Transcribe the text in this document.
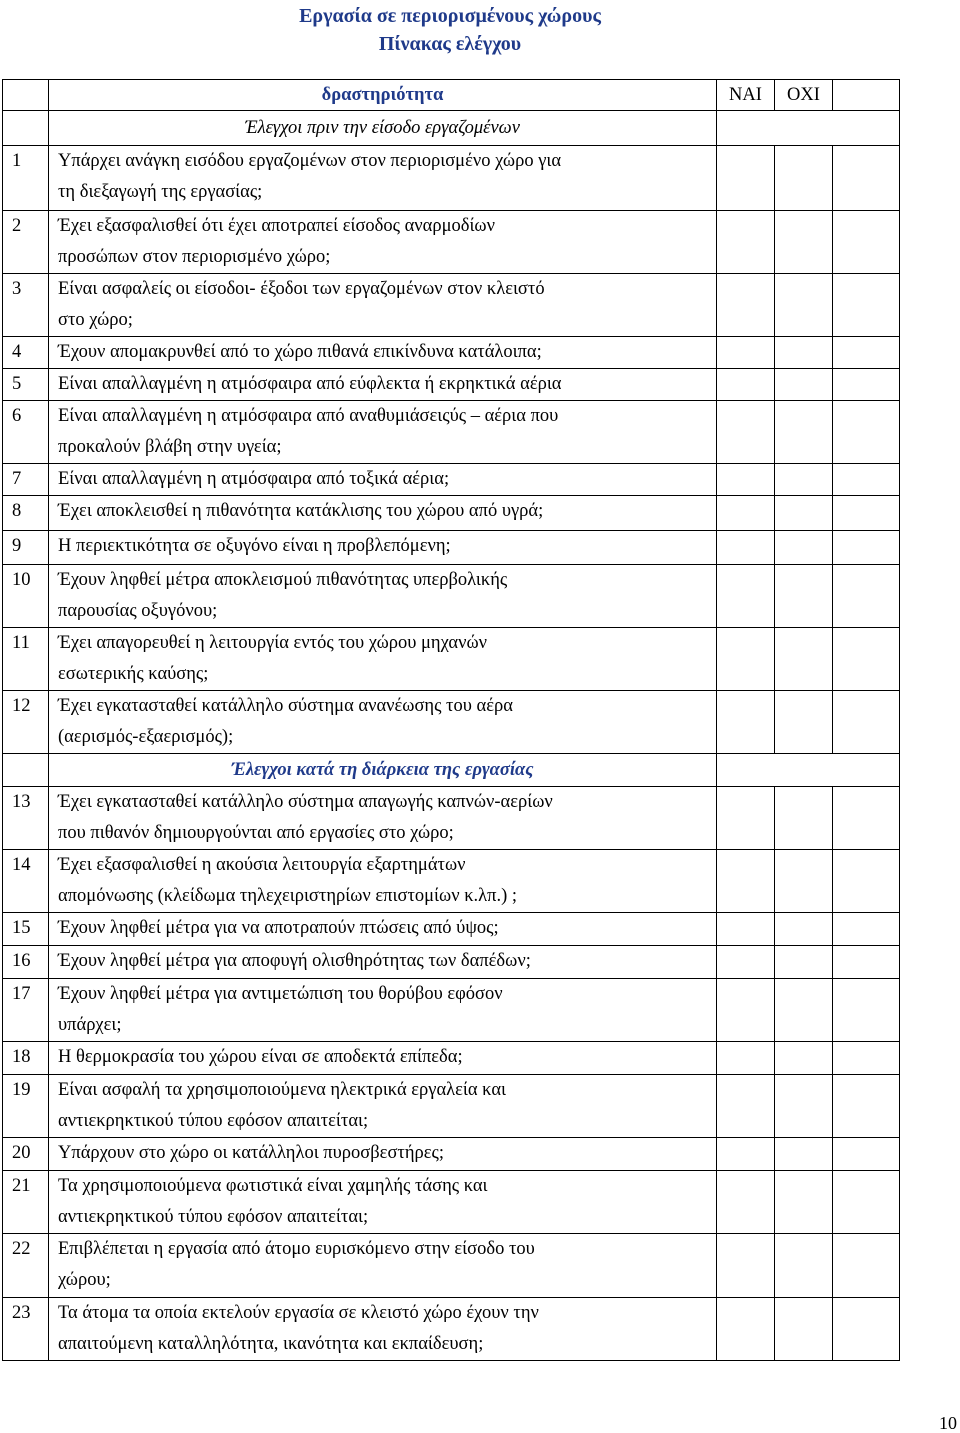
Εργασία σε περιορισμένους χώρους
Πίνακας ελέγχου
	δραστηριότητα	ΝΑΙ	ΟΧΙ	
	Έλεγχοι πριν την είσοδο εργαζομένων			
1	Υπάρχει ανάγκη εισόδου εργαζομένων στον περιορισμένο χώρο για
τη διεξαγωγή της εργασίας;			

2	Έχει εξασφαλισθεί ότι έχει αποτραπεί είσοδος αναρμοδίων
προσώπων στον περιορισμένο χώρο;			

3	Είναι ασφαλείς οι είσοδοι- έξοδοι των εργαζομένων στον κλειστό
στο χώρο;			

4	Έχουν απομακρυνθεί από το χώρο πιθανά επικίνδυνα κατάλοιπα;			

5	Είναι απαλλαγμένη η ατμόσφαιρα από εύφλεκτα ή εκρηκτικά αέρια			

6	Είναι απαλλαγμένη η ατμόσφαιρα από αναθυμιάσειςύς – αέρια που
προκαλούν βλάβη στην υγεία;			

7	Είναι απαλλαγμένη η ατμόσφαιρα από τοξικά αέρια;			

8	Έχει αποκλεισθεί η πιθανότητα κατάκλισης του χώρου από υγρά;			

9	Η περιεκτικότητα σε οξυγόνο είναι η προβλεπόμενη;			

10	Έχουν ληφθεί μέτρα αποκλεισμού πιθανότητας υπερβολικής
παρουσίας οξυγόνου;			

11	Έχει απαγορευθεί η λειτουργία εντός του χώρου μηχανών
εσωτερικής καύσης;			

12	Έχει εγκατασταθεί κατάλληλο σύστημα ανανέωσης του αέρα
(αερισμός-εξαερισμός);			

	Έλεγχοι κατά τη διάρκεια της εργασίας			
13	Έχει εγκατασταθεί κατάλληλο σύστημα απαγωγής καπνών-αερίων
που πιθανόν δημιουργούνται από εργασίες στο χώρο;			

14	Έχει εξασφαλισθεί η ακούσια λειτουργία εξαρτημάτων
απομόνωσης (κλείδωμα τηλεχειριστηρίων επιστομίων κ.λπ.) ;			

15	Έχουν ληφθεί μέτρα για να αποτραπούν πτώσεις από ύψος;			

16	Έχουν ληφθεί μέτρα για αποφυγή ολισθηρότητας των δαπέδων;			

17	Έχουν ληφθεί μέτρα για αντιμετώπιση του θορύβου εφόσον
υπάρχει;			

18	Η θερμοκρασία του χώρου είναι σε αποδεκτά επίπεδα;			

19	Είναι ασφαλή τα χρησιμοποιούμενα ηλεκτρικά εργαλεία και
αντιεκρηκτικού τύπου εφόσον απαιτείται;			

20	Υπάρχουν στο χώρο οι κατάλληλοι πυροσβεστήρες;			

21	Τα χρησιμοποιούμενα φωτιστικά είναι χαμηλής τάσης και
αντιεκρηκτικού τύπου εφόσον απαιτείται;			

22	Επιβλέπεται η εργασία από άτομο ευρισκόμενο στην είσοδο του
χώρου;			

23	Τα άτομα τα οποία εκτελούν εργασία σε κλειστό χώρο έχουν την
απαιτούμενη καταλληλότητα, ικανότητα και εκπαίδευση;			

10
